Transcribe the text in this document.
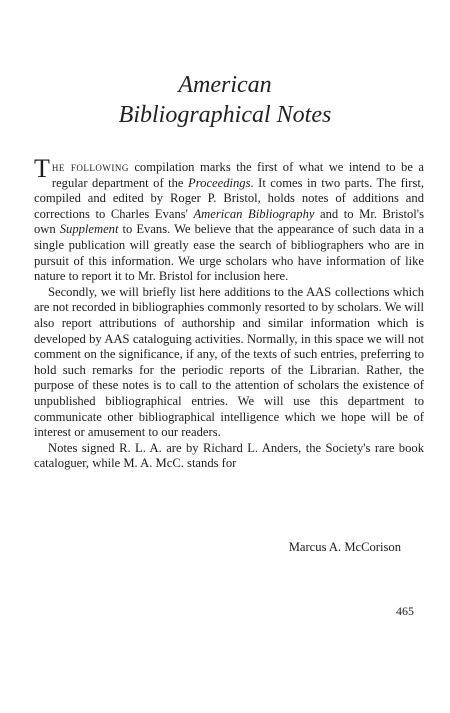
American
Bibliographical Notes

The following compilation marks the first of what we intend to be a regular department of the Proceedings. It comes in two parts. The first, compiled and edited by Roger P. Bristol, holds notes of additions and corrections to Charles Evans' American Bibliography and to Mr. Bristol's own Supplement to Evans. We believe that the appearance of such data in a single publication will greatly ease the search of bibliographers who are in pursuit of this information. We urge scholars who have information of like nature to report it to Mr. Bristol for inclusion here.

Secondly, we will briefly list here additions to the AAS collections which are not recorded in bibliographies commonly resorted to by scholars. We will also report attributions of authorship and similar information which is developed by AAS cataloguing activities. Normally, in this space we will not comment on the significance, if any, of the texts of such entries, preferring to hold such remarks for the periodic reports of the Librarian. Rather, the purpose of these notes is to call to the attention of scholars the existence of unpublished bibliographical entries. We will use this department to communicate other bibliographical intelligence which we hope will be of interest or amusement to our readers.

Notes signed R. L. A. are by Richard L. Anders, the Society's rare book cataloguer, while M. A. McC. stands for

Marcus A. McCorison
465
